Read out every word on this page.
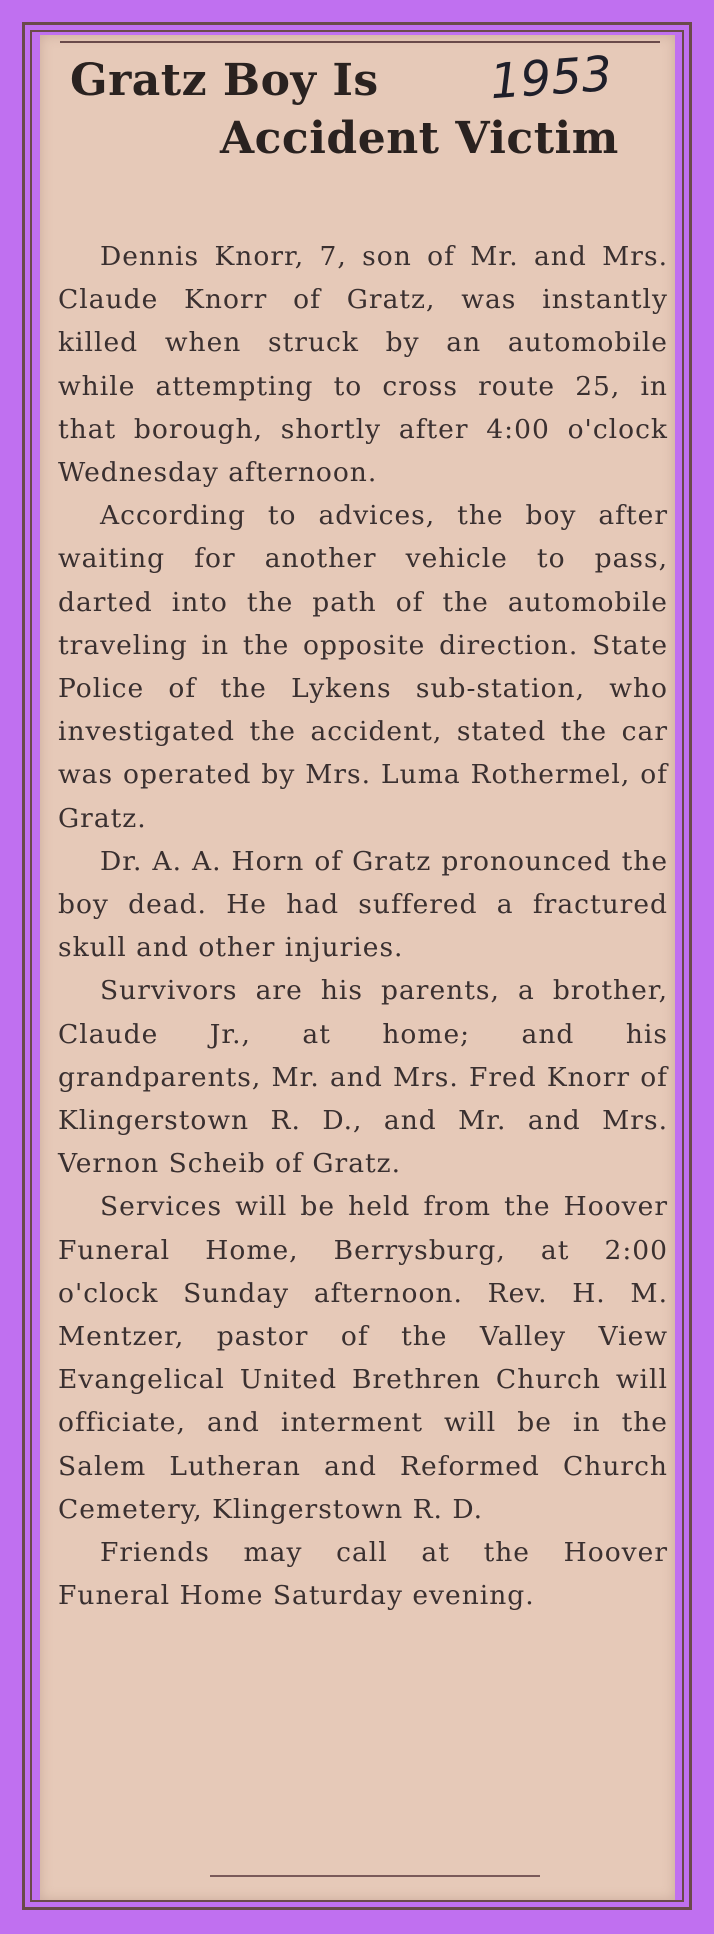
Gratz Boy Is
Accident Victim
1953

Dennis Knorr, 7, son of Mr. and Mrs. Claude Knorr of Gratz, was instantly killed when struck by an automobile while attempting to cross route 25, in that borough, shortly after 4:00 o'clock Wednesday afternoon.

According to advices, the boy after waiting for another vehicle to pass, darted into the path of the automobile traveling in the opposite direction. State Police of the Lykens sub-station, who investigated the accident, stated the car was operated by Mrs. Luma Rothermel, of Gratz.

Dr. A. A. Horn of Gratz pronounced the boy dead. He had suffered a fractured skull and other injuries.

Survivors are his parents, a brother, Claude Jr., at home; and his grandparents, Mr. and Mrs. Fred Knorr of Klingerstown R. D., and Mr. and Mrs. Vernon Scheib of Gratz.

Services will be held from the Hoover Funeral Home, Berrysburg, at 2:00 o'clock Sunday afternoon. Rev. H. M. Mentzer, pastor of the Valley View Evangelical United Brethren Church will officiate, and interment will be in the Salem Lutheran and Reformed Church Cemetery, Klingerstown R. D.

Friends may call at the Hoover Funeral Home Saturday evening.
